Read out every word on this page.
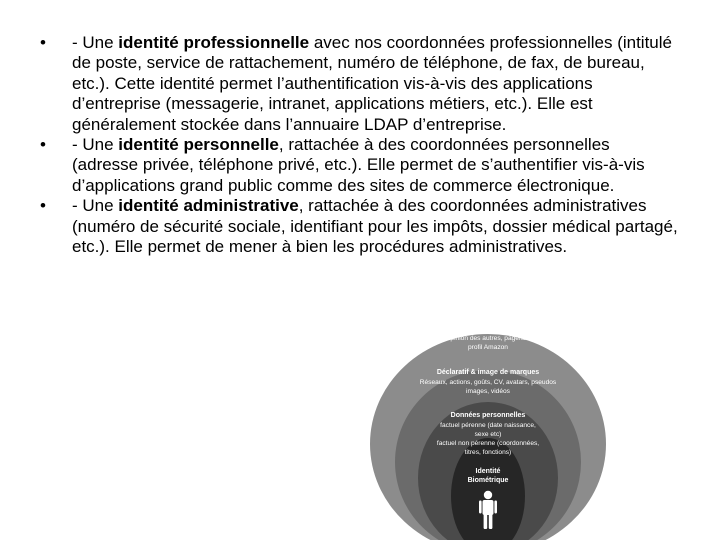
•	- Une identité professionnelle avec nos coordonnées professionnelles (intitulé de poste, service de rattachement, numéro de téléphone, de fax, de bureau, etc.). Cette identité permet l’authentification vis-à-vis des applications d’entreprise (messagerie, intranet, applications métiers, etc.). Elle est généralement stockée dans l’annuaire LDAP d’entreprise.
•	- Une identité personnelle, rattachée à des coordonnées personnelles (adresse privée, téléphone privé, etc.). Elle permet de s’authentifier vis-à-vis d’applications grand public comme des sites de commerce électronique.
•	- Une identité administrative, rattachée à des coordonnées administratives (numéro de sécurité sociale, identifiant pour les impôts, dossier médical partagé, etc.). Elle permet de mener à bien les procédures administratives.
Comportement & réputation
notoriété, opinion des autres, pagerank, Google,
profil Amazon
Déclaratif & image de marques
Réseaux, actions, goûts, CV, avatars, pseudos
images, vidéos
Données personnelles
factuel pérenne (date naissance,
sexe etc)
factuel non pérenne (coordonnées,
titres, fonctions)
Identité
Biométrique
